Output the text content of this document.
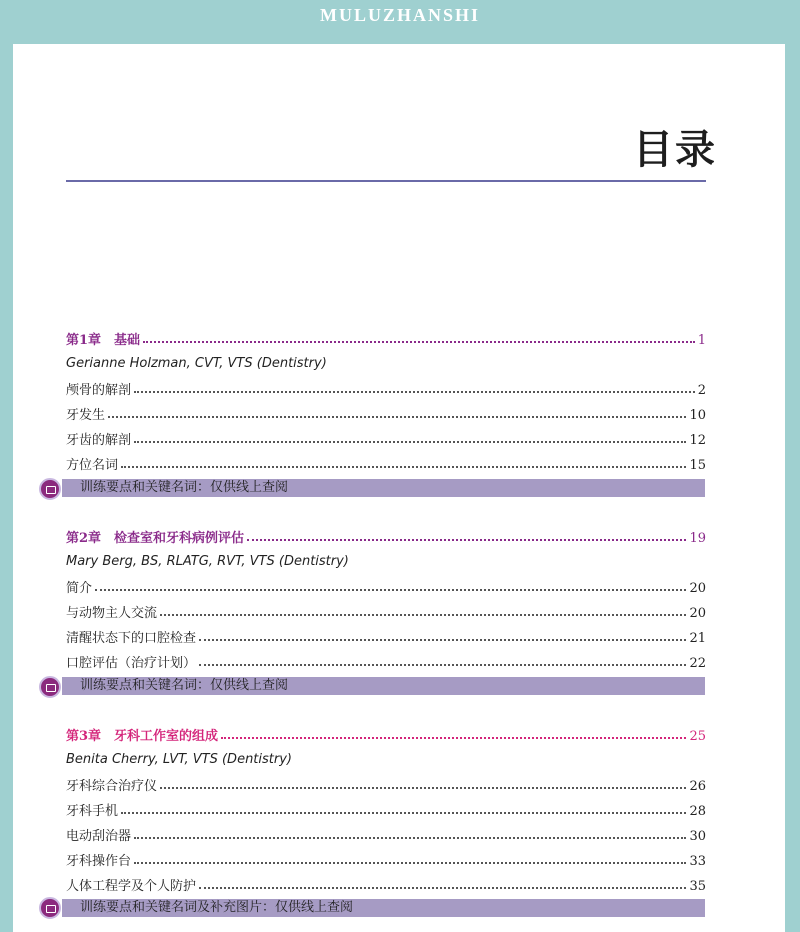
MULUZHANSHI
目录
第1章　基础	1
Gerianne Holzman, CVT, VTS (Dentistry)
颅骨的解剖	2
牙发生	10
牙齿的解剖	12
方位名词	15
训练要点和关键名词：仅供线上查阅
第2章　检查室和牙科病例评估	19
Mary Berg, BS, RLATG, RVT, VTS (Dentistry)
简介	20
与动物主人交流	20
清醒状态下的口腔检查	21
口腔评估（治疗计划）	22
训练要点和关键名词：仅供线上查阅
第3章　牙科工作室的组成	25
Benita Cherry, LVT, VTS (Dentistry)
牙科综合治疗仪	26
牙科手机	28
电动刮治器	30
牙科操作台	33
人体工程学及个人防护	35
训练要点和关键名词及补充图片：仅供线上查阅
